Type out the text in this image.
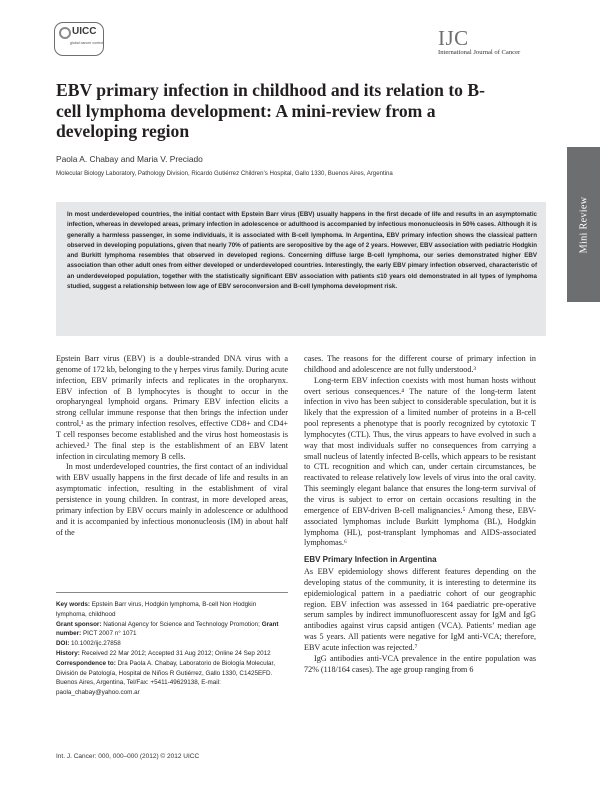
UICC
global cancer control	IJC
International Journal of Cancer
EBV primary infection in childhood and its relation to B-cell lymphoma development: A mini-review from a developing region
Paola A. Chabay and Maria V. Preciado
Molecular Biology Laboratory, Pathology Division, Ricardo Gutiérrez Children’s Hospital, Gallo 1330, Buenos Aires, Argentina
Mini Review

In most underdeveloped countries, the initial contact with Epstein Barr virus (EBV) usually happens in the first decade of life and results in an asymptomatic infection, whereas in developed areas, primary infection in adolescence or adulthood is accompanied by infectious mononucleosis in 50% cases. Although it is generally a harmless passenger, in some individuals, it is associated with B-cell lymphoma. In Argentina, EBV primary infection shows the classical pattern observed in developing populations, given that nearly 70% of patients are seropositive by the age of 2 years. However, EBV association with pediatric Hodgkin and Burkitt lymphoma resembles that observed in developed regions. Concerning diffuse large B-cell lymphoma, our series demonstrated higher EBV association than other adult ones from either developed or underdeveloped countries. Interestingly, the early EBV pimary infection observed, characteristic of an underdeveloped population, together with the statistically significant EBV association with patients ≤10 years old demonstrated in all types of lymphoma studied, suggest a relationship between low age of EBV seroconversion and B-cell lymphoma development risk.

Epstein Barr virus (EBV) is a double-stranded DNA virus with a genome of 172 kb, belonging to the γ herpes virus family. During acute infection, EBV primarily infects and replicates in the oropharynx. EBV infection of B lymphocytes is thought to occur in the oropharyngeal lymphoid organs. Primary EBV infection elicits a strong cellular immune response that then brings the infection under control,¹ as the primary infection resolves, effective CD8+ and CD4+ T cell responses become established and the virus host homeostasis is achieved.² The final step is the establishment of an EBV latent infection in circulating memory B cells.

In most underdeveloped countries, the first contact of an individual with EBV usually happens in the first decade of life and results in an asymptomatic infection, resulting in the establishment of viral persistence in young children. In contrast, in more developed areas, primary infection by EBV occurs mainly in adolescence or adulthood and it is accompanied by infectious mononucleosis (IM) in about half of the

cases. The reasons for the different course of primary infection in childhood and adolescence are not fully understood.³

Long-term EBV infection coexists with most human hosts without overt serious consequences.⁴ The nature of the long-term latent infection in vivo has been subject to considerable speculation, but it is likely that the expression of a limited number of proteins in a B-cell pool represents a phenotype that is poorly recognized by cytotoxic T lymphocytes (CTL). Thus, the virus appears to have evolved in such a way that most individuals suffer no consequences from carrying a small nucleus of latently infected B-cells, which appears to be resistant to CTL recognition and which can, under certain circumstances, be reactivated to release relatively low levels of virus into the oral cavity. This seemingly elegant balance that ensures the long-term survival of the virus is subject to error on certain occasions resulting in the emergence of EBV-driven B-cell malignancies.⁵ Among these, EBV-associated lymphomas include Burkitt lymphoma (BL), Hodgkin lymphoma (HL), post-transplant lymphomas and AIDS-associated lymphomas.⁶

EBV Primary Infection in Argentina

As EBV epidemiology shows different features depending on the developing status of the community, it is interesting to determine its epidemiological pattern in a paediatric cohort of our geographic region. EBV infection was assessed in 164 paediatric pre-operative serum samples by indirect immunofluorescent assay for IgM and IgG antibodies against virus capsid antigen (VCA). Patients’ median age was 5 years. All patients were negative for IgM anti-VCA; therefore, EBV acute infection was rejected.⁷

IgG antibodies anti-VCA prevalence in the entire population was 72% (118/164 cases). The age group ranging from 6

Key words: Epstein Barr virus, Hodgkin lymphoma, B-cell Non Hodgkin lymphoma, childhood

Grant sponsor: National Agency for Science and Technology Promotion; Grant number: PICT 2007 n° 1071

DOI: 10.1002/ijc.27858

History: Received 22 Mar 2012; Accepted 31 Aug 2012; Online 24 Sep 2012

Correspondence to: Dra Paola A. Chabay, Laboratorio de Biología Molecular, División de Patología, Hospital de Niños R Gutiérrez, Gallo 1330, C1425EFD. Buenos Aires, Argentina, Tel/Fax: +5411-49629138, E-mail: paola_chabay@yahoo.com.ar

Int. J. Cancer: 000, 000–000 (2012) © 2012 UICC
